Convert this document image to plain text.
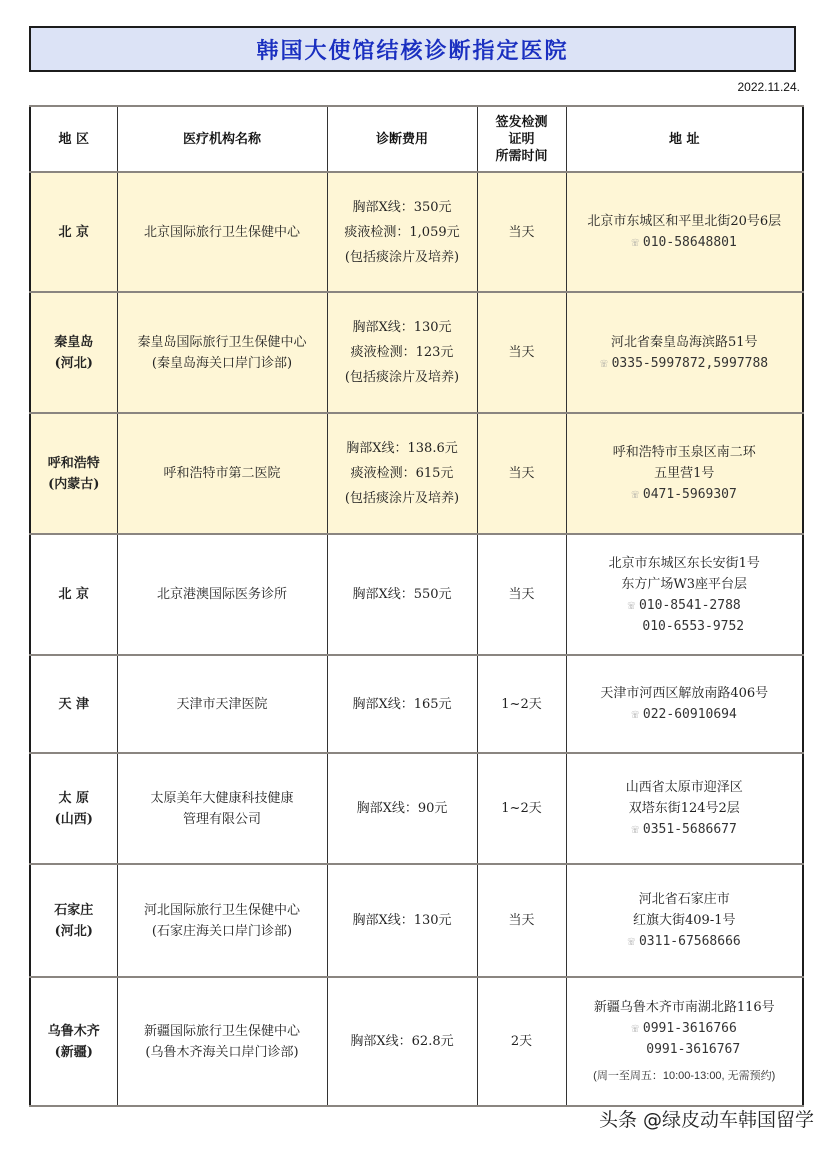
韩国大使馆结核诊断指定医院
2022.11.24.
地 区	医疗机构名称	诊断费用	签发检测
证明
所需时间	地 址

北 京	北京国际旅行卫生保健中心	胸部X线：350元
痰液检测：1,059元
(包括痰涂片及培养)	当天	北京市东城区和平里北街20号6层
☏ 010-58648801

秦皇岛
(河北)	秦皇岛国际旅行卫生保健中心
(秦皇岛海关口岸门诊部)	胸部X线：130元
痰液检测：123元
(包括痰涂片及培养)	当天	河北省秦皇岛海滨路51号
☏ 0335-5997872,5997788

呼和浩特
(内蒙古)	呼和浩特市第二医院	胸部X线：138.6元
痰液检测：615元
(包括痰涂片及培养)	当天	呼和浩特市玉泉区南二环
五里营1号
☏ 0471-5969307

北 京	北京港澳国际医务诊所	胸部X线：550元	当天	北京市东城区东长安街1号
东方广场W3座平台层
☏ 010-8541-2788
010-6553-9752

天 津	天津市天津医院	胸部X线：165元	1~2天	天津市河西区解放南路406号
☏ 022-60910694

太 原
(山西)	太原美年大健康科技健康
管理有限公司	胸部X线：90元	1~2天	山西省太原市迎泽区
双塔东街124号2层
☏ 0351-5686677

石家庄
(河北)	河北国际旅行卫生保健中心
(石家庄海关口岸门诊部)	胸部X线：130元	当天	河北省石家庄市
红旗大街409-1号
☏ 0311-67568666

乌鲁木齐
(新疆)	新疆国际旅行卫生保健中心
(乌鲁木齐海关口岸门诊部)	胸部X线：62.8元	2天	新疆乌鲁木齐市南湖北路116号
☏ 0991-3616766
0991-3616767
(周一至周五：10:00-13:00, 无需预约)
头条 @绿皮动车韩国留学
